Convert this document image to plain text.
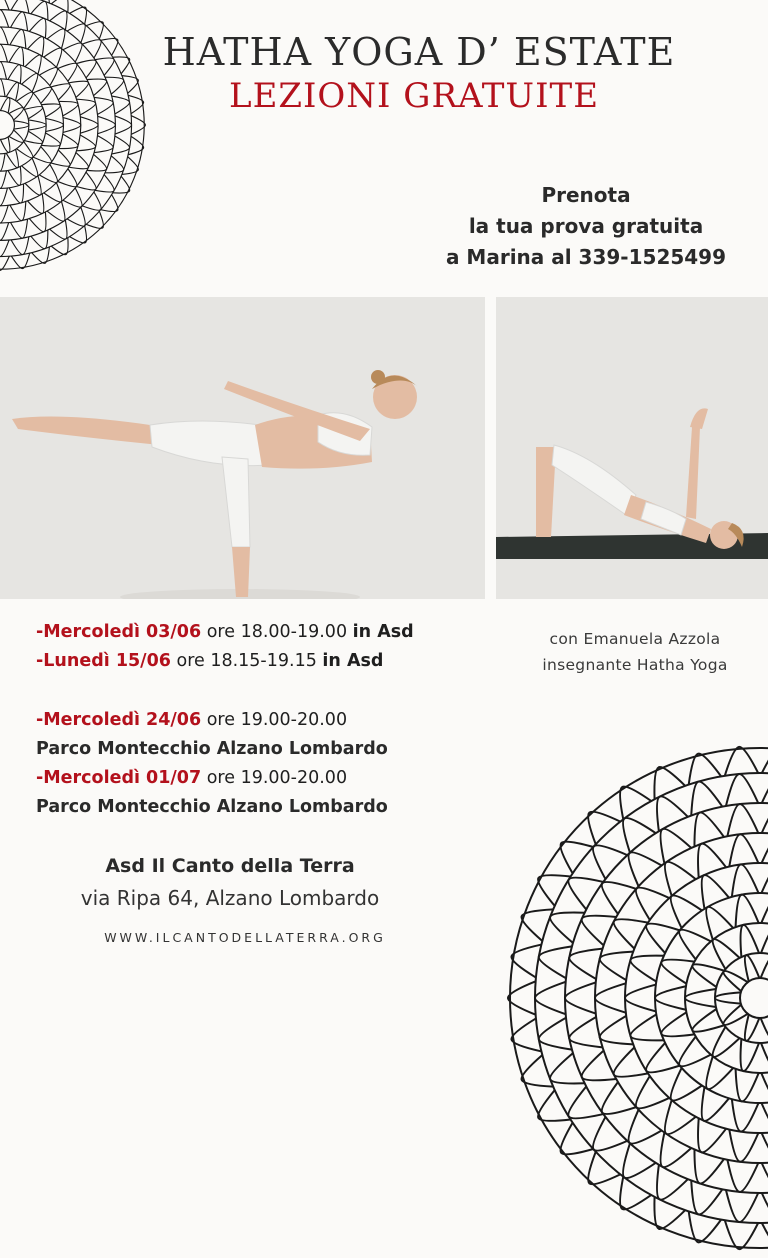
HATHA YOGA D’ ESTATE
LEZIONI GRATUITE
Prenota
la tua prova gratuita
a Marina al 339-1525499
-Mercoledì 03/06 ore 18.00-19.00 in Asd
-Lunedì 15/06 ore 18.15-19.15 in Asd
-Mercoledì 24/06 ore 19.00-20.00
Parco Montecchio Alzano Lombardo
-Mercoledì 01/07 ore 19.00-20.00
Parco Montecchio Alzano Lombardo
con Emanuela Azzola
insegnante Hatha Yoga
Asd Il Canto della Terra
via Ripa 64, Alzano Lombardo
WWW.ILCANTODELLATERRA.ORG
